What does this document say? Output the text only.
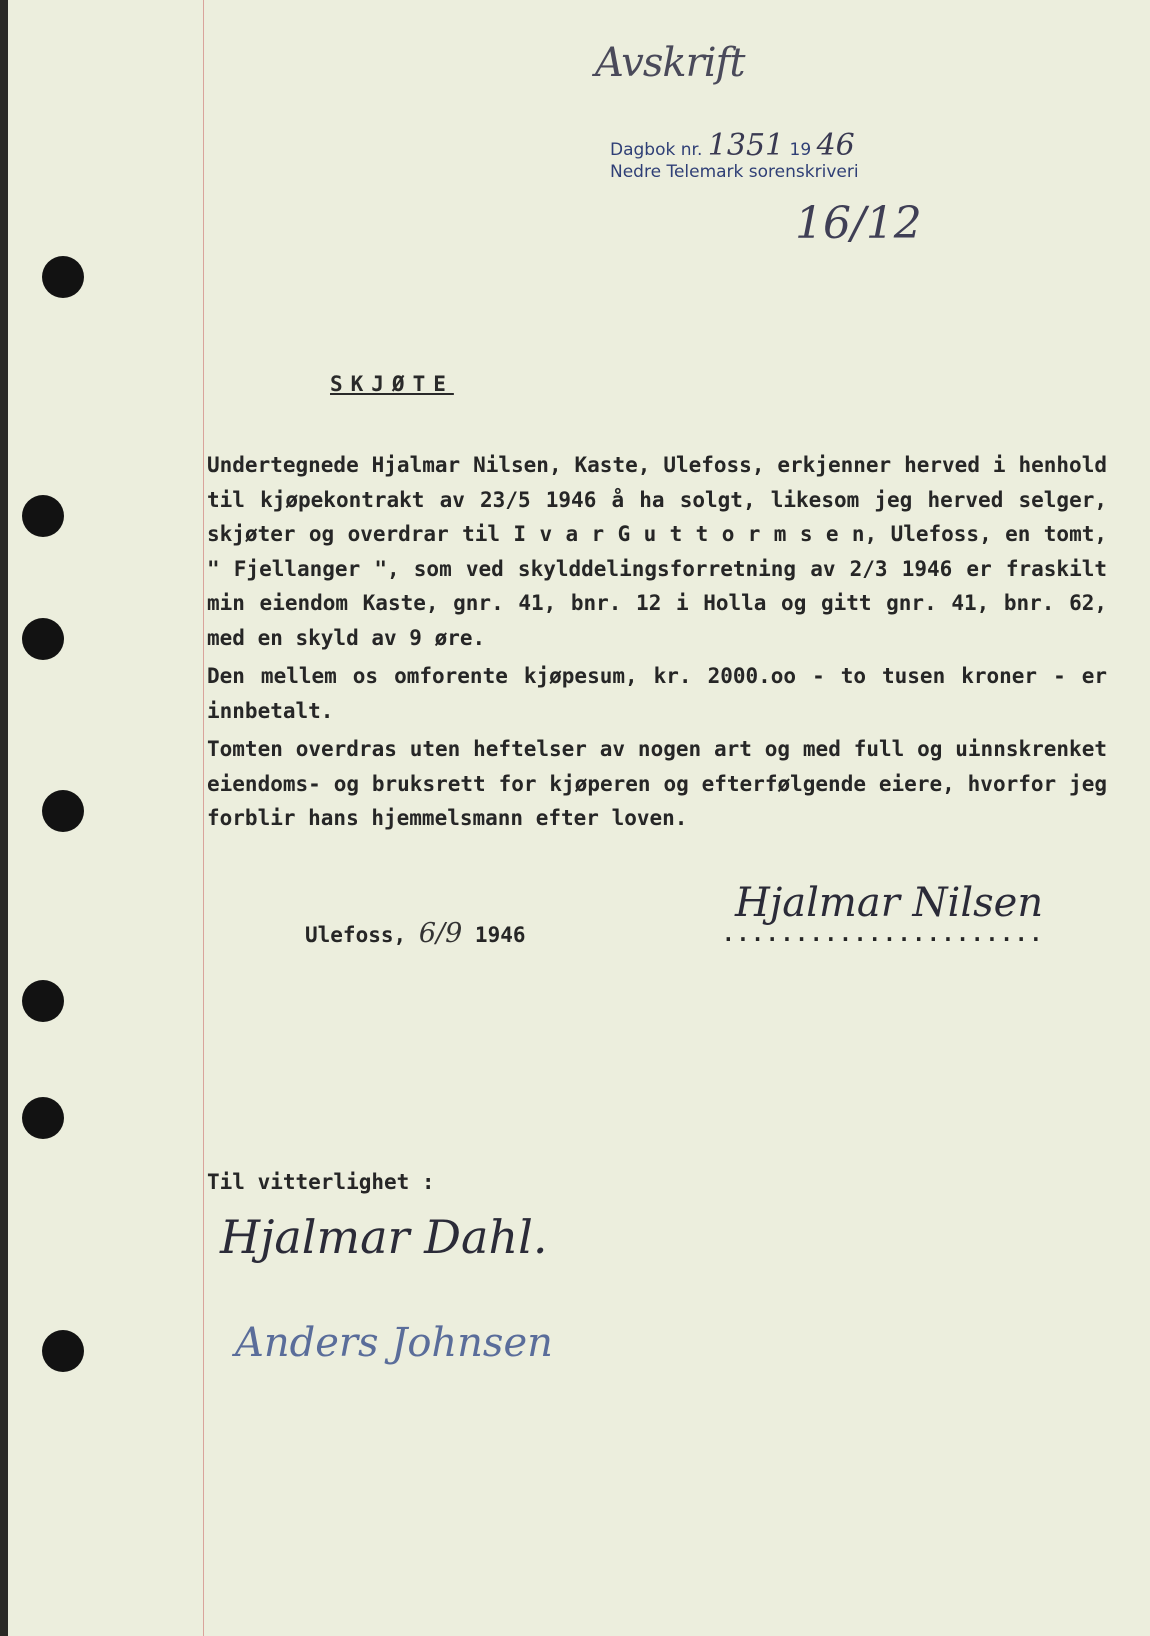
Avskrift
Dagbok nr. 1351 19 46
Nedre Telemark sorenskriveri
16/12
SKJØTE

Undertegnede Hjalmar Nilsen, Kaste, Ulefoss, erkjenner herved i henhold til kjøpekontrakt av 23/5 1946 å ha solgt, likesom jeg herved selger, skjøter og overdrar til I v a r G u t t o r m s e n, Ulefoss, en tomt, " Fjellanger ", som ved skylddelingsforretning av 2/3 1946 er fraskilt min eiendom Kaste, gnr. 41, bnr. 12 i Holla og gitt gnr. 41, bnr. 62, med en skyld av 9 øre.

Den mellem os omforente kjøpesum, kr. 2000.oo - to tusen kroner - er innbetalt.

Tomten overdras uten heftelser av nogen art og med full og uinnskrenket eiendoms- og bruksrett for kjøperen og efterfølgende eiere, hvorfor jeg forblir hans hjemmelsmann efter loven.

Ulefoss, 6/9 1946	......................
Hjalmar Nilsen
Til vitterlighet :
Hjalmar Dahl.
Anders Johnsen
